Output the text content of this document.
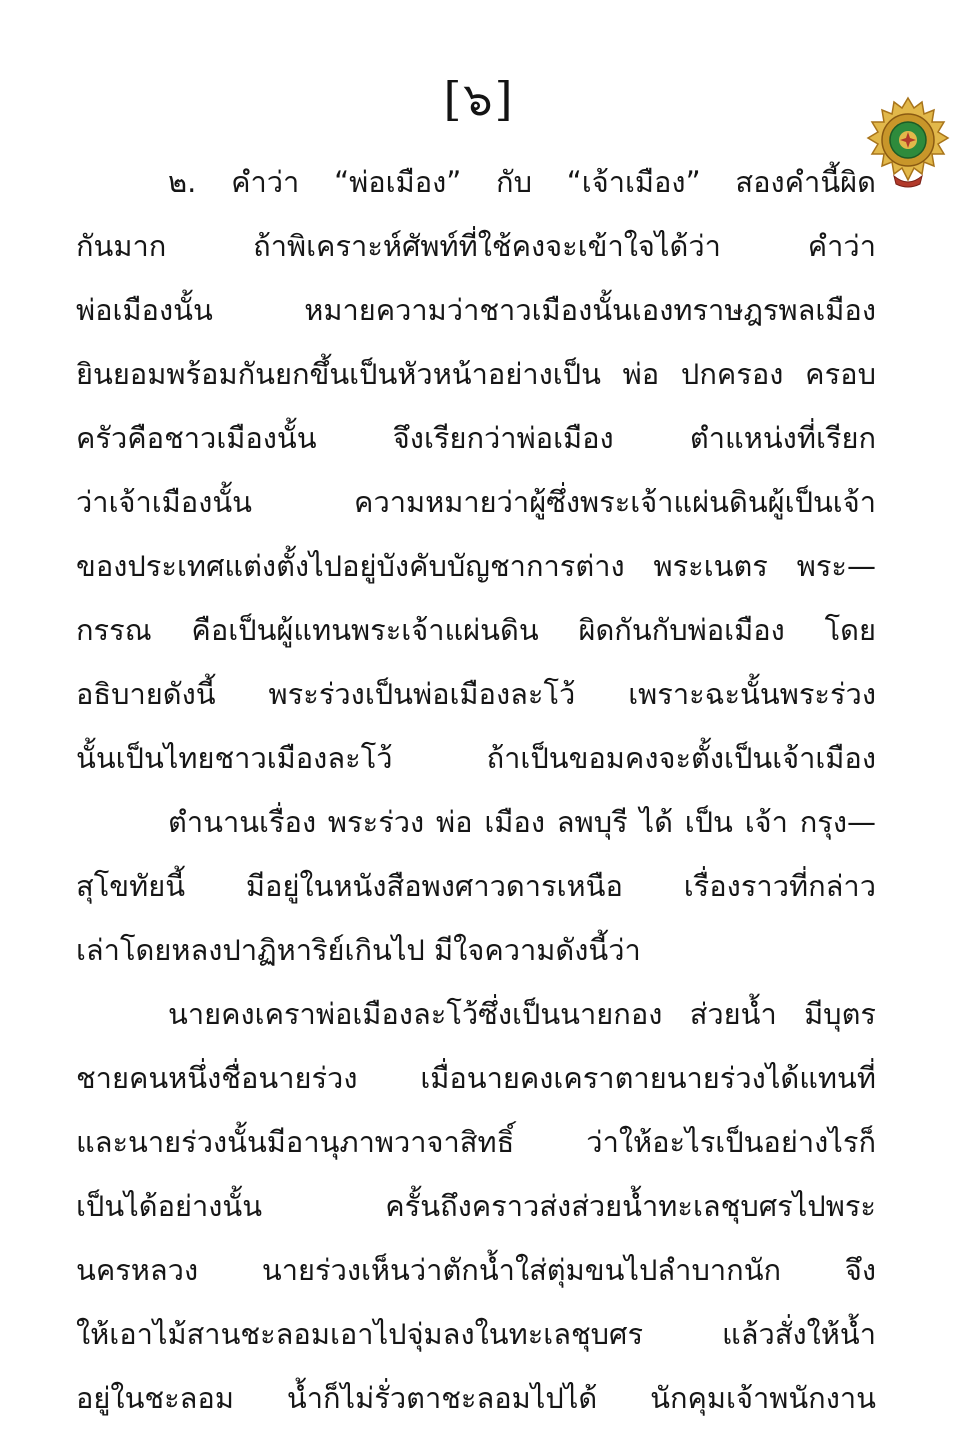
[๖]
๒. คำว่า “พ่อเมือง” กับ “เจ้าเมือง” สองคำนี้ผิด
กันมาก ถ้าพิเคราะห์ศัพท์ที่ใช้คงจะเข้าใจได้ว่า คำว่า
พ่อเมืองนั้น หมายความว่าชาวเมืองนั้นเองทราษฎรพลเมือง
ยินยอมพร้อมกันยกขึ้นเป็นหัวหน้าอย่างเป็น พ่อ ปกครอง ครอบ
ครัวคือชาวเมืองนั้น จึงเรียกว่าพ่อเมือง ตำแหน่งที่เรียก
ว่าเจ้าเมืองนั้น ความหมายว่าผู้ซึ่งพระเจ้าแผ่นดินผู้เป็นเจ้า
ของประเทศแต่งตั้งไปอยู่บังคับบัญชาการต่าง พระเนตร พระ—
กรรณ คือเป็นผู้แทนพระเจ้าแผ่นดิน ผิดกันกับพ่อเมือง โดย
อธิบายดังนี้ พระร่วงเป็นพ่อเมืองละโว้ เพราะฉะนั้นพระร่วง
นั้นเป็นไทยชาวเมืองละโว้ ถ้าเป็นขอมคงจะตั้งเป็นเจ้าเมือง
ตำนานเรื่อง พระร่วง พ่อ เมือง ลพบุรี ได้ เป็น เจ้า กรุง—
สุโขทัยนี้ มีอยู่ในหนังสือพงศาวดารเหนือ เรื่องราวที่กล่าว
เล่าโดยหลงปาฏิหาริย์เกินไป มีใจความดังนี้ว่า
นายคงเคราพ่อเมืองละโว้ซึ่งเป็นนายกอง ส่วยน้ำ มีบุตร
ชายคนหนึ่งชื่อนายร่วง เมื่อนายคงเคราตายนายร่วงได้แทนที่
และนายร่วงนั้นมีอานุภาพวาจาสิทธิ์ ว่าให้อะไรเป็นอย่างไรก็
เป็นได้อย่างนั้น ครั้นถึงคราวส่งส่วยน้ำทะเลชุบศรไปพระ
นครหลวง นายร่วงเห็นว่าตักน้ำใส่ตุ่มขนไปลำบากนัก จึง
ให้เอาไม้สานชะลอมเอาไปจุ่มลงในทะเลชุบศร แล้วสั่งให้น้ำ
อยู่ในชะลอม น้ำก็ไม่รั่วตาชะลอมไปได้ นักคุมเจ้าพนักงาน
